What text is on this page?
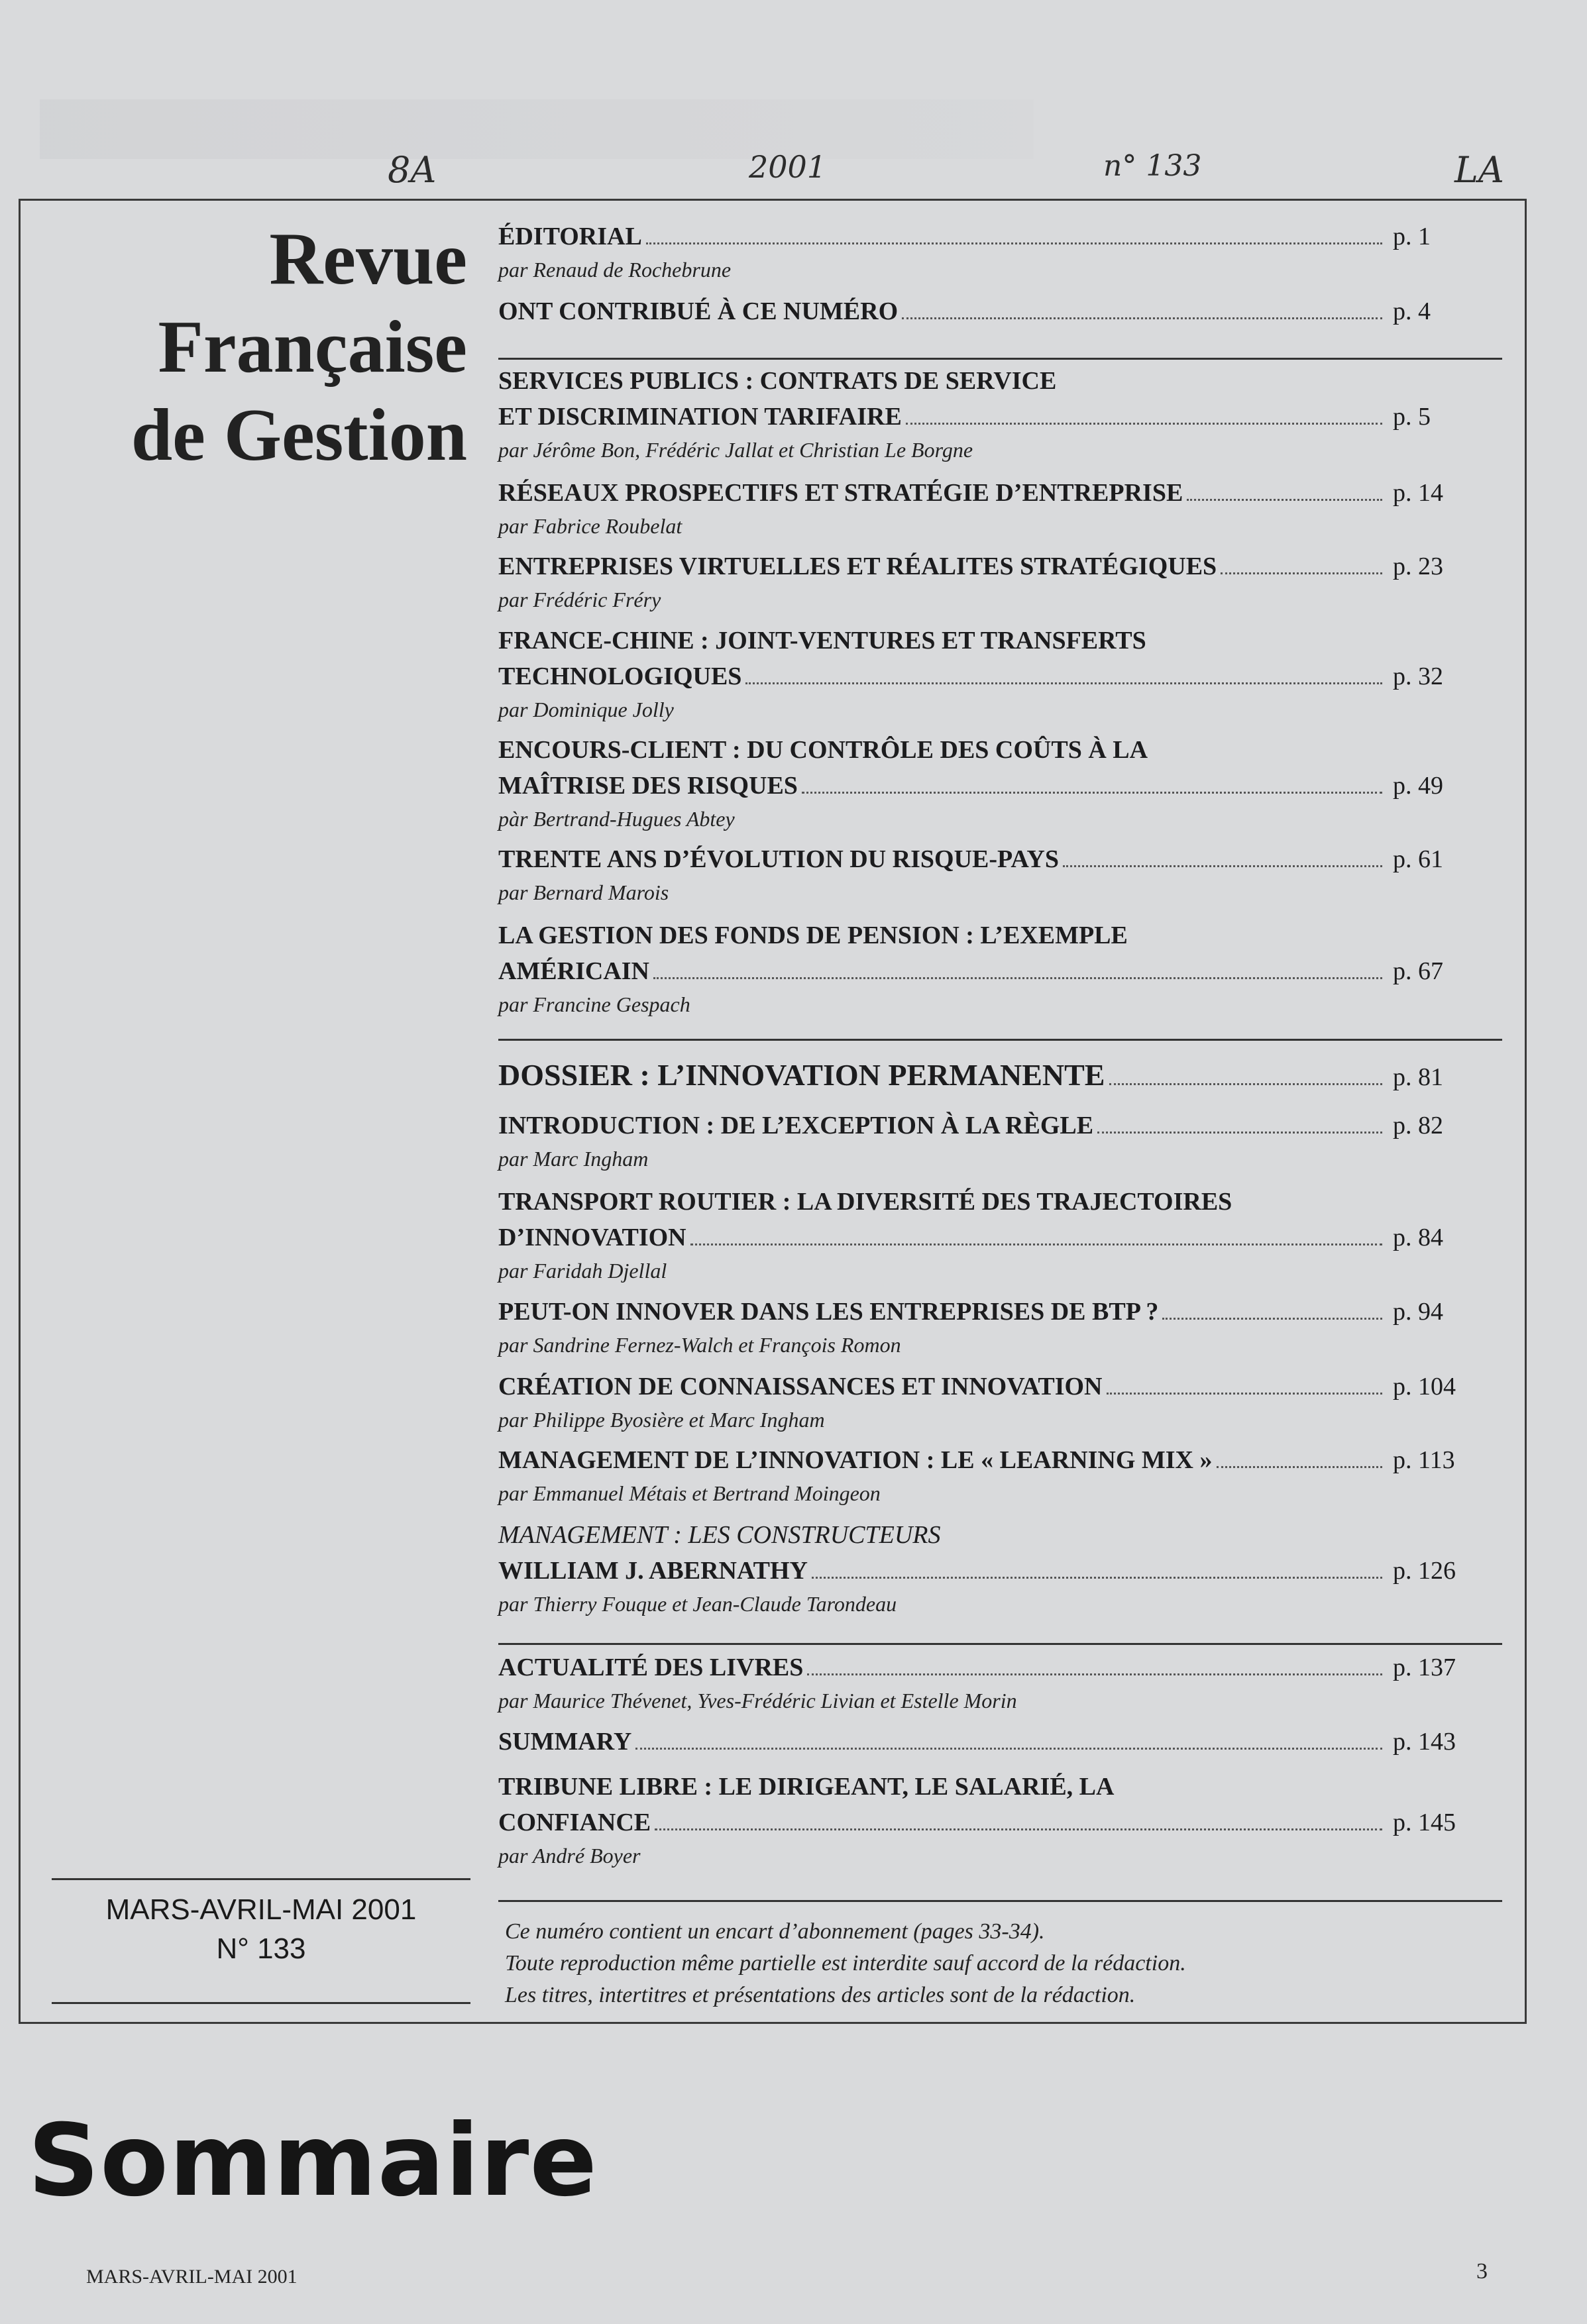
8A	2001	n° 133	LA
Revue
Française
de Gestion
MARS-AVRIL-MAI 2001
N° 133
ÉDITORIAL	p. 1
par Renaud de Rochebrune
ONT CONTRIBUÉ À CE NUMÉRO	p. 4
SERVICES PUBLICS : CONTRATS DE SERVICE
ET DISCRIMINATION TARIFAIRE	p. 5
par Jérôme Bon, Frédéric Jallat et Christian Le Borgne
RÉSEAUX PROSPECTIFS ET STRATÉGIE D’ENTREPRISE	p. 14
par Fabrice Roubelat
ENTREPRISES VIRTUELLES ET RÉALITES STRATÉGIQUES	p. 23
par Frédéric Fréry
FRANCE-CHINE : JOINT-VENTURES ET TRANSFERTS
TECHNOLOGIQUES	p. 32
par Dominique Jolly
ENCOURS-CLIENT : DU CONTRÔLE DES COÛTS À LA
MAÎTRISE DES RISQUES	p. 49
pàr Bertrand-Hugues Abtey
TRENTE ANS D’ÉVOLUTION DU RISQUE-PAYS	p. 61
par Bernard Marois
LA GESTION DES FONDS DE PENSION : L’EXEMPLE
AMÉRICAIN	p. 67
par Francine Gespach
DOSSIER : L’INNOVATION PERMANENTE	p. 81
INTRODUCTION : DE L’EXCEPTION À LA RÈGLE	p. 82
par Marc Ingham
TRANSPORT ROUTIER : LA DIVERSITÉ DES TRAJECTOIRES
D’INNOVATION	p. 84
par Faridah Djellal
PEUT-ON INNOVER DANS LES ENTREPRISES DE BTP ?	p. 94
par Sandrine Fernez-Walch et François Romon
CRÉATION DE CONNAISSANCES ET INNOVATION	p. 104
par Philippe Byosière et Marc Ingham
MANAGEMENT DE L’INNOVATION : LE « LEARNING MIX »	p. 113
par Emmanuel Métais et Bertrand Moingeon
MANAGEMENT : LES CONSTRUCTEURS
WILLIAM J. ABERNATHY	p. 126
par Thierry Fouque et Jean-Claude Tarondeau
ACTUALITÉ DES LIVRES	p. 137
par Maurice Thévenet, Yves-Frédéric Livian et Estelle Morin
SUMMARY	p. 143
TRIBUNE LIBRE : LE DIRIGEANT, LE SALARIÉ, LA
CONFIANCE	p. 145
par André Boyer
Ce numéro contient un encart d’abonnement (pages 33-34).
Toute reproduction même partielle est interdite sauf accord de la rédaction.
Les titres, intertitres et présentations des articles sont de la rédaction.
Sommaire
MARS-AVRIL-MAI 2001	3
